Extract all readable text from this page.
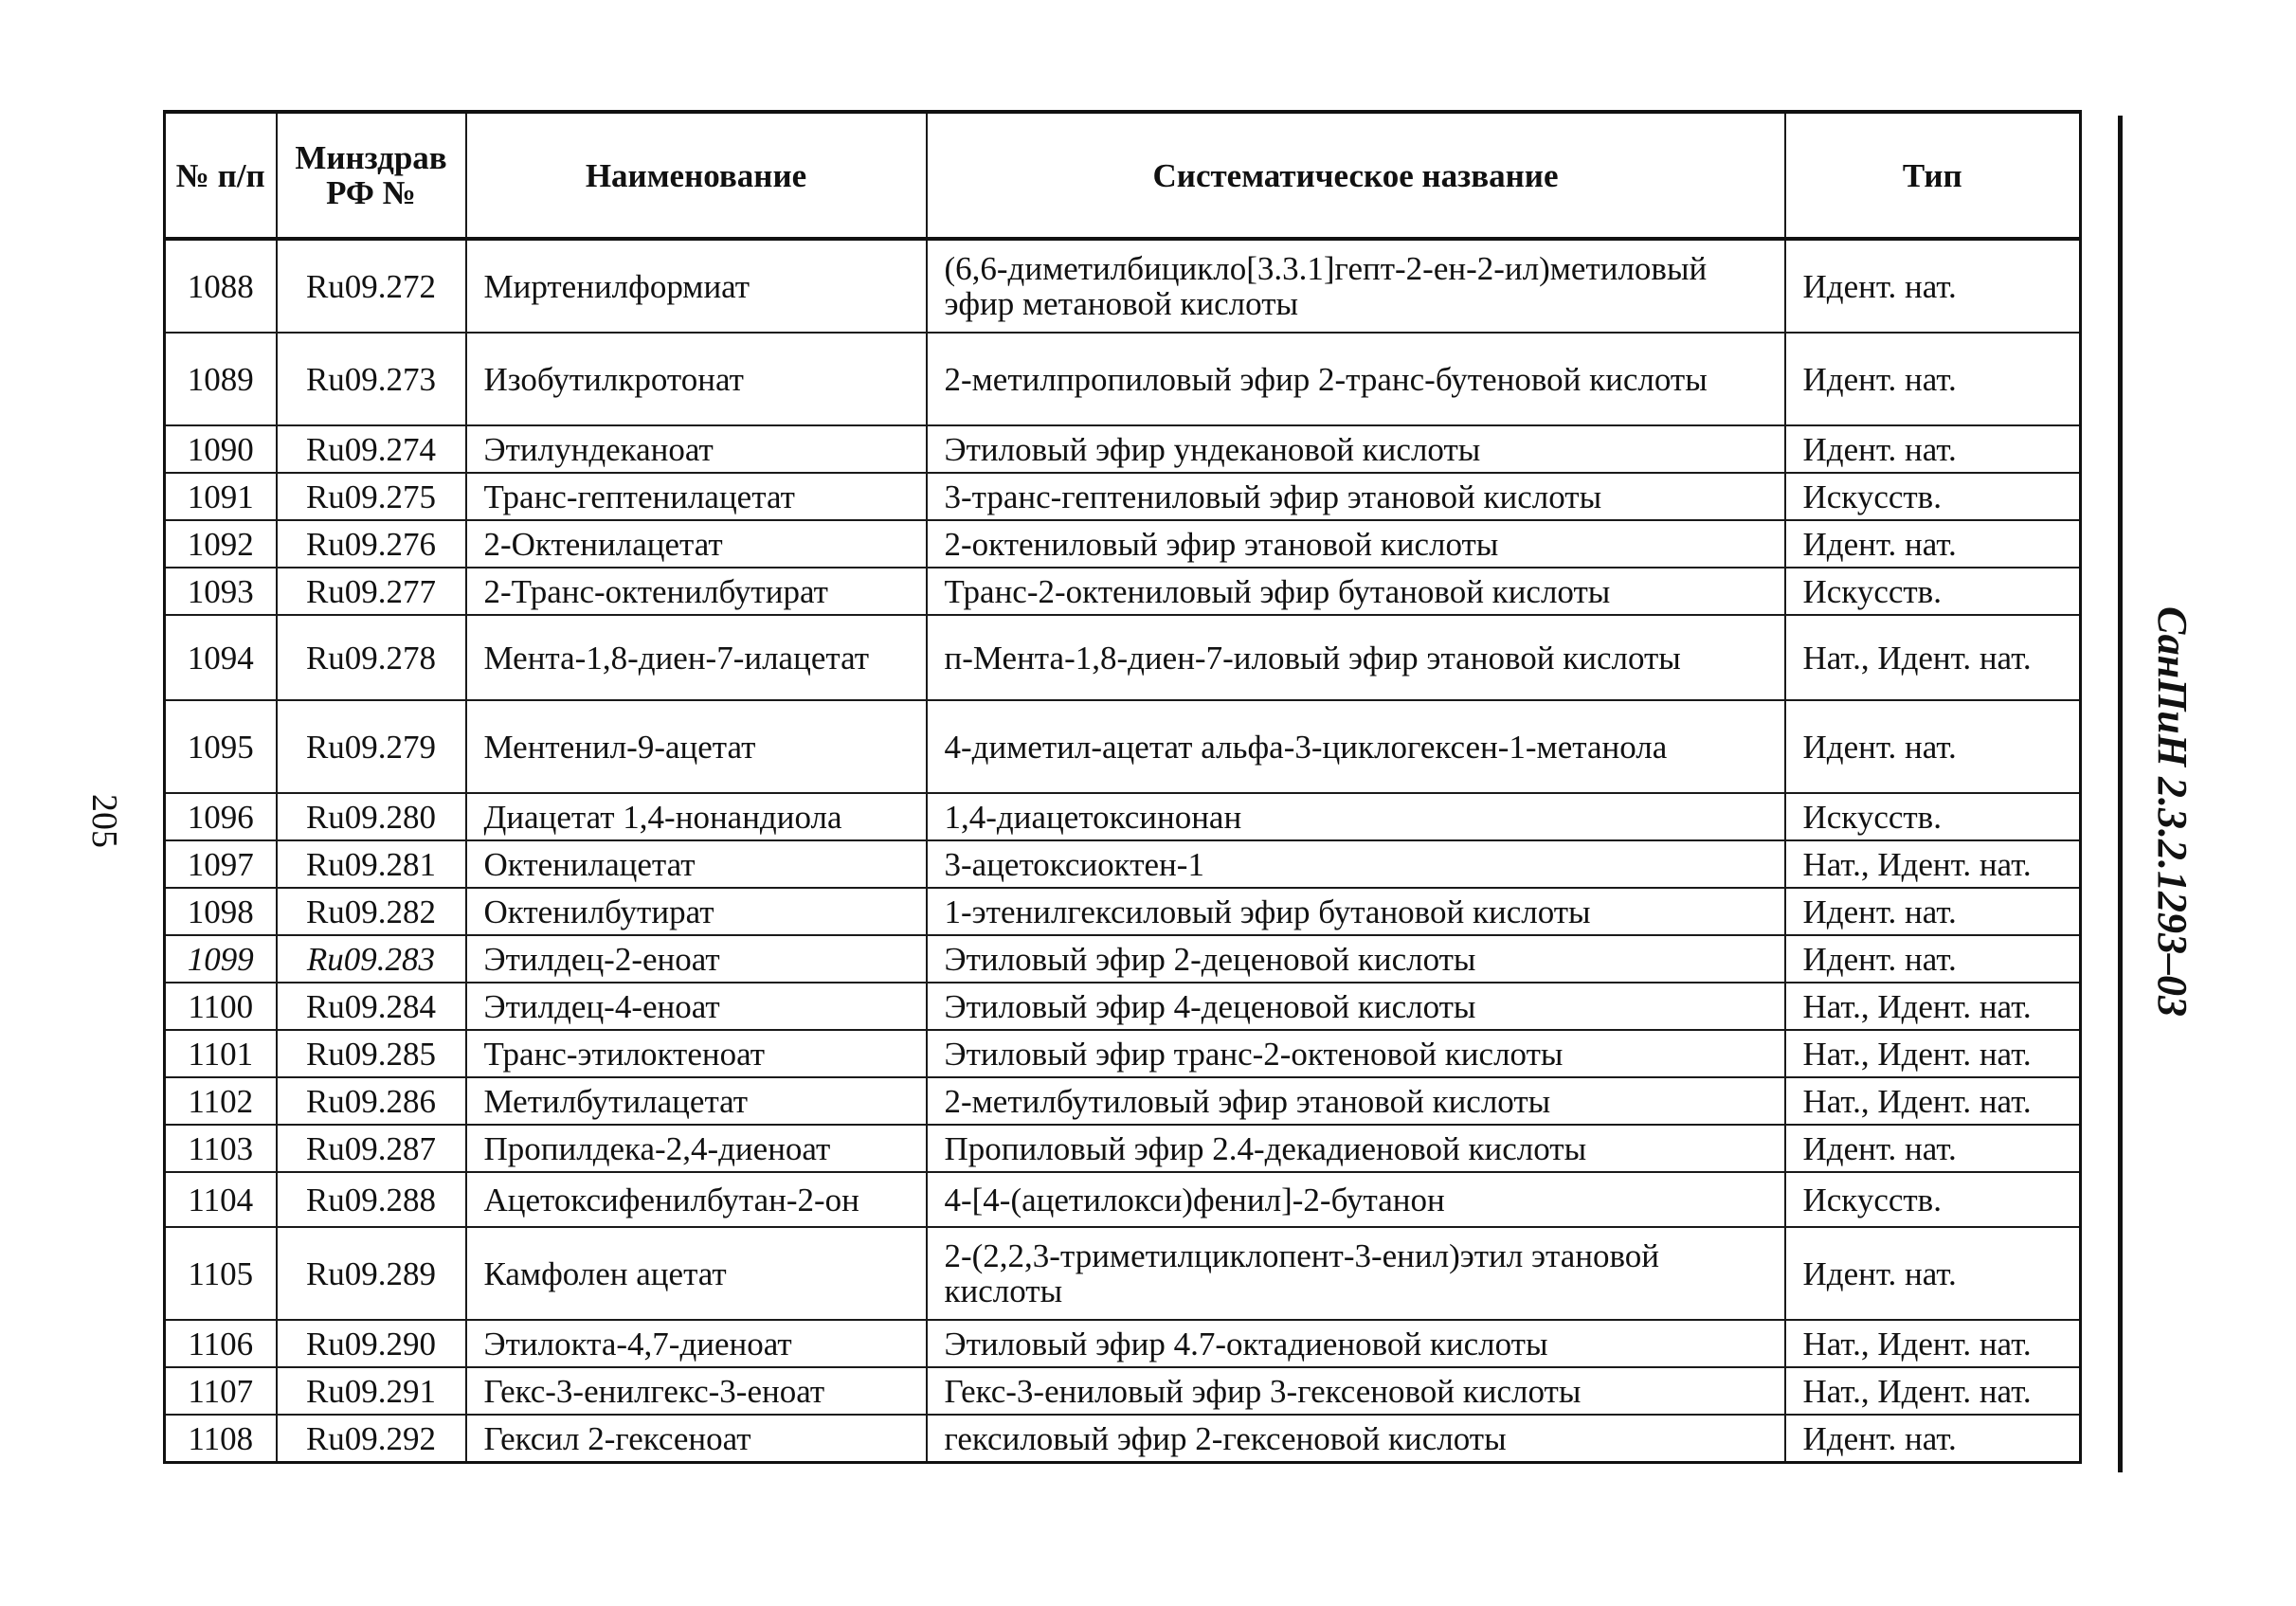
205
№ п/п	Минздрав РФ №	Наименование	Систематическое название	Тип
1088	Ru09.272	Миртенилформиат	(6,6-диметилбицикло[3.3.1]гепт-2-ен-2-ил)метиловый эфир метановой кислоты	Идент. нат.
1089	Ru09.273	Изобутилкротонат	2-метилпропиловый эфир 2-транс-бутеновой кислоты	Идент. нат.
1090	Ru09.274	Этилундеканоат	Этиловый эфир ундекановой кислоты	Идент. нат.
1091	Ru09.275	Транс-гептенилацетат	3-транс-гептениловый эфир этановой кислоты	Искусств.
1092	Ru09.276	2-Октенилацетат	2-октениловый эфир этановой кислоты	Идент. нат.
1093	Ru09.277	2-Транс-октенилбутират	Транс-2-октениловый эфир бутановой кислоты	Искусств.
1094	Ru09.278	Мента-1,8-диен-7-илацетат	п-Мента-1,8-диен-7-иловый эфир этановой кислоты	Нат., Идент. нат.
1095	Ru09.279	Ментенил-9-ацетат	4-диметил-ацетат альфа-3-циклогексен-1-метанола	Идент. нат.
1096	Ru09.280	Диацетат 1,4-нонандиола	1,4-диацетоксинонан	Искусств.
1097	Ru09.281	Октенилацетат	3-ацетоксиоктен-1	Нат., Идент. нат.
1098	Ru09.282	Октенилбутират	1-этенилгексиловый эфир бутановой кислоты	Идент. нат.
1099	Ru09.283	Этилдец-2-еноат	Этиловый эфир 2-деценовой кислоты	Идент. нат.
1100	Ru09.284	Этилдец-4-еноат	Этиловый эфир 4-деценовой кислоты	Нат., Идент. нат.
1101	Ru09.285	Транс-этилоктеноат	Этиловый эфир транс-2-октеновой кислоты	Нат., Идент. нат.
1102	Ru09.286	Метилбутилацетат	2-метилбутиловый эфир этановой кислоты	Нат., Идент. нат.
1103	Ru09.287	Пропилдека-2,4-диеноат	Пропиловый эфир 2.4-декадиеновой кислоты	Идент. нат.
1104	Ru09.288	Ацетоксифенилбутан-2-он	4-[4-(ацетилокси)фенил]-2-бутанон	Искусств.
1105	Ru09.289	Камфолен ацетат	2-(2,2,3-триметилциклопент-3-енил)этил этановой кислоты	Идент. нат.
1106	Ru09.290	Этилокта-4,7-диеноат	Этиловый эфир 4.7-октадиеновой кислоты	Нат., Идент. нат.
1107	Ru09.291	Гекс-3-енилгекс-3-еноат	Гекс-3-ениловый эфир 3-гексеновой кислоты	Нат., Идент. нат.
1108	Ru09.292	Гексил 2-гексеноат	гексиловый эфир 2-гексеновой кислоты	Идент. нат.
СанПиН 2.3.2.1293–03
